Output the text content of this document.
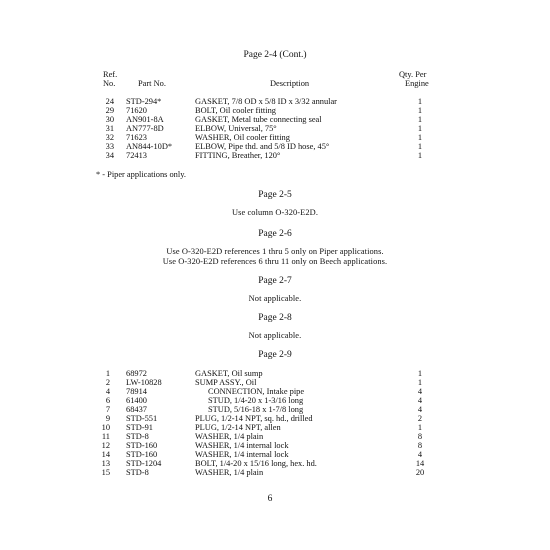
Page 2-4 (Cont.)
Ref.
No.	Part No.	Description
Qty. Per
Engine
24 STD-294*	GASKET, 7/8 OD x 5/8 ID x 3/32 annular	1
29 71620	BOLT, Oil cooler fitting	1
30 AN901-8A	GASKET, Metal tube connecting seal	1
31 AN777-8D	ELBOW, Universal, 75°	1
32 71623	WASHER, Oil cooler fitting	1
33 AN844-10D*	ELBOW, Pipe thd. and 5/8 ID hose, 45°	1
34 72413	FITTING, Breather, 120°	1
* - Piper applications only.
Page 2-5
Use column O-320-E2D.
Page 2-6
Use O-320-E2D references 1 thru 5 only on Piper applications.
Use O-320-E2D references 6 thru 11 only on Beech applications.
Page 2-7
Not applicable.
Page 2-8
Not applicable.
Page 2-9
1 68972	GASKET, Oil sump	1
2 LW-10828	SUMP ASSY., Oil	1
4 78914	CONNECTION, Intake pipe	4
6 61400	STUD, 1/4-20 x 1-3/16 long	4
7 68437	STUD, 5/16-18 x 1-7/8 long	4
9 STD-551	PLUG, 1/2-14 NPT, sq. hd., drilled	2
10 STD-91	PLUG, 1/2-14 NPT, allen	1
11 STD-8	WASHER, 1/4 plain	8
12 STD-160	WASHER, 1/4 internal lock	8
14 STD-160	WASHER, 1/4 internal lock	4
13 STD-1204	BOLT, 1/4-20 x 15/16 long, hex. hd.	14
15 STD-8	WASHER, 1/4 plain	20
6
